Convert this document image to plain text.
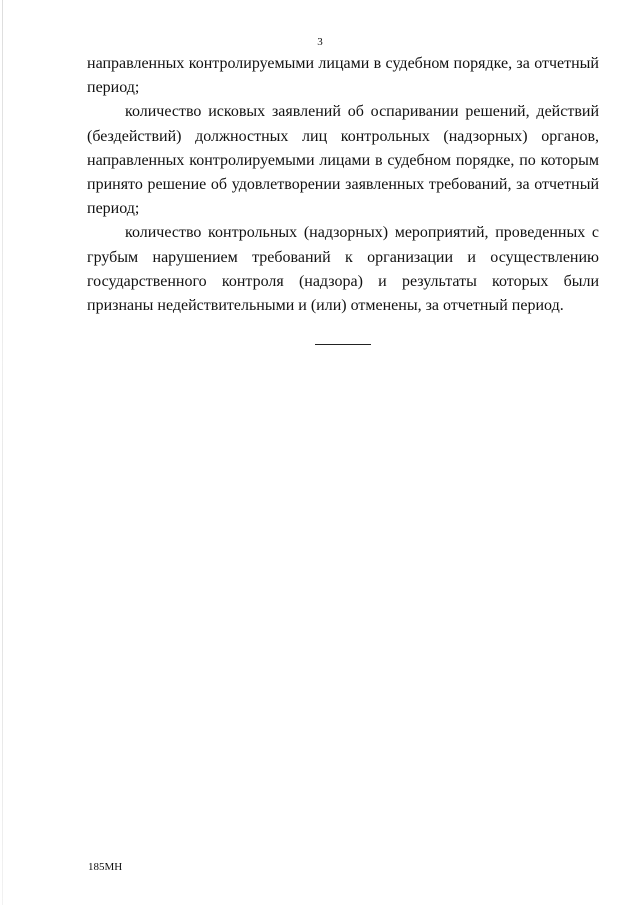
3

направленных контролируемыми лицами в судебном порядке, за отчетный период;

количество исковых заявлений об оспаривании решений, действий (бездействий) должностных лиц контрольных (надзорных) органов, направленных контролируемыми лицами в судебном порядке, по которым принято решение об удовлетворении заявленных требований, за отчетный период;

количество контрольных (надзорных) мероприятий, проведенных с грубым нарушением требований к организации и осуществлению государственного контроля (надзора) и результаты которых были признаны недействительными и (или) отменены, за отчетный период.

185МН
